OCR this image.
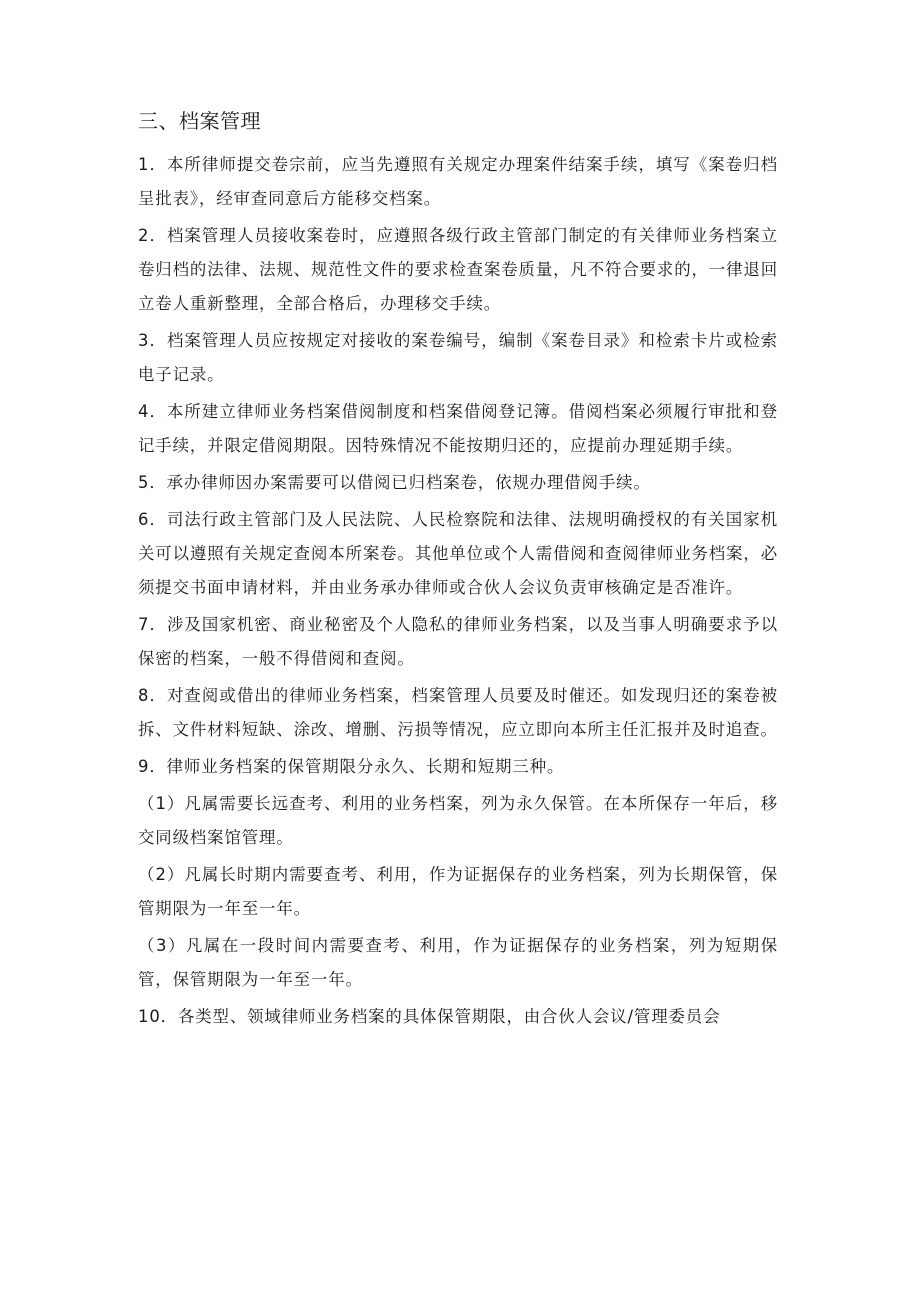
三、档案管理

1．本所律师提交卷宗前，应当先遵照有关规定办理案件结案手续，填写《案卷归档呈批表》，经审查同意后方能移交档案。

2．档案管理人员接收案卷时，应遵照各级行政主管部门制定的有关律师业务档案立卷归档的法律、法规、规范性文件的要求检查案卷质量，凡不符合要求的，一律退回立卷人重新整理，全部合格后，办理移交手续。

3．档案管理人员应按规定对接收的案卷编号，编制《案卷目录》和检索卡片或检索电子记录。

4．本所建立律师业务档案借阅制度和档案借阅登记簿。借阅档案必须履行审批和登记手续，并限定借阅期限。因特殊情况不能按期归还的，应提前办理延期手续。

5．承办律师因办案需要可以借阅已归档案卷，依规办理借阅手续。

6．司法行政主管部门及人民法院、人民检察院和法律、法规明确授权的有关国家机关可以遵照有关规定查阅本所案卷。其他单位或个人需借阅和查阅律师业务档案，必须提交书面申请材料，并由业务承办律师或合伙人会议负责审核确定是否准许。

7．涉及国家机密、商业秘密及个人隐私的律师业务档案，以及当事人明确要求予以保密的档案，一般不得借阅和查阅。

8．对查阅或借出的律师业务档案，档案管理人员要及时催还。如发现归还的案卷被拆、文件材料短缺、涂改、增删、污损等情况，应立即向本所主任汇报并及时追查。

9．律师业务档案的保管期限分永久、长期和短期三种。

（1）凡属需要长远查考、利用的业务档案，列为永久保管。在本所保存一年后，移交同级档案馆管理。

（2）凡属长时期内需要查考、利用，作为证据保存的业务档案，列为长期保管，保管期限为一年至一年。

（3）凡属在一段时间内需要查考、利用，作为证据保存的业务档案，列为短期保管，保管期限为一年至一年。

10．各类型、领域律师业务档案的具体保管期限，由合伙人会议/管理委员会
